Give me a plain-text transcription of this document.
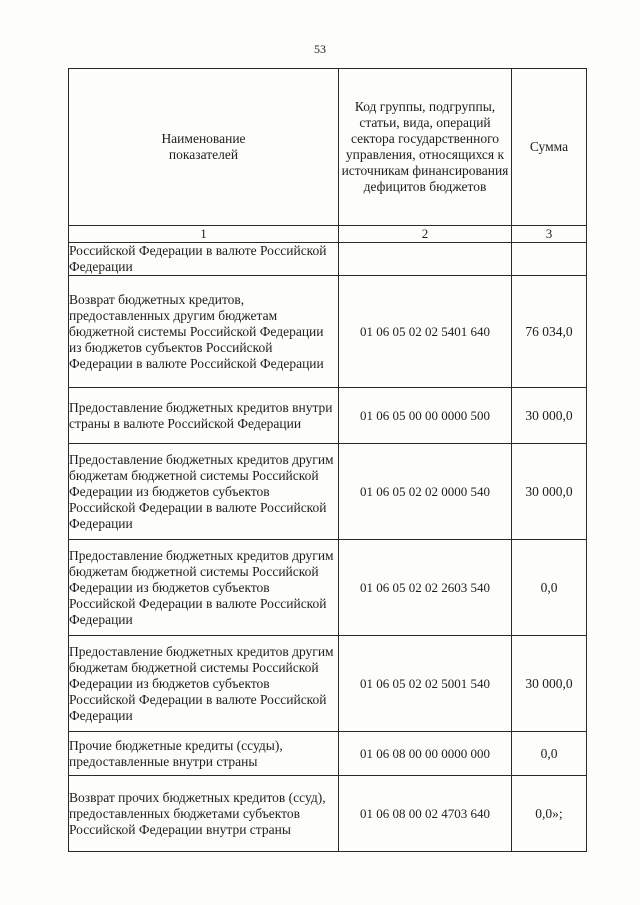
53
Наименование показателей	Код группы, подгруппы, статьи, вида, операций сектора государственного управления, относящихся к источникам финансирования дефицитов бюджетов	Сумма
1	2	3
Российской Федерации в валюте Российской Федерации		
Возврат бюджетных кредитов, предоставленных другим бюджетам бюджетной системы Российской Федерации из бюджетов субъектов Российской Федерации в валюте Российской Федерации	01 06 05 02 02 5401 640	76 034,0
Предоставление бюджетных кредитов внутри страны в валюте Российской Федерации	01 06 05 00 00 0000 500	30 000,0
Предоставление бюджетных кредитов другим бюджетам бюджетной системы Российской Федерации из бюджетов субъектов Российской Федерации в валюте Российской Федерации	01 06 05 02 02 0000 540	30 000,0
Предоставление бюджетных кредитов другим бюджетам бюджетной системы Российской Федерации из бюджетов субъектов Российской Федерации в валюте Российской Федерации	01 06 05 02 02 2603 540	0,0
Предоставление бюджетных кредитов другим бюджетам бюджетной системы Российской Федерации из бюджетов субъектов Российской Федерации в валюте Российской Федерации	01 06 05 02 02 5001 540	30 000,0
Прочие бюджетные кредиты (ссуды), предоставленные внутри страны	01 06 08 00 00 0000 000	0,0
Возврат прочих бюджетных кредитов (ссуд), предоставленных бюджетами субъектов Российской Федерации внутри страны	01 06 08 00 02 4703 640	0,0»;
